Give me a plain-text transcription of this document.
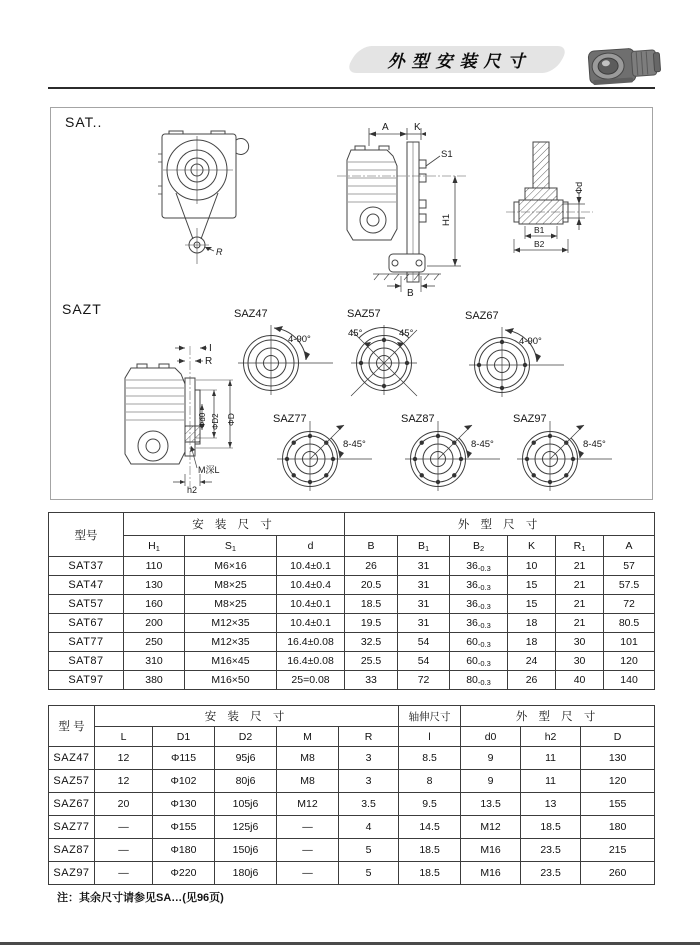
外型安装尺寸
SAT..
SAZT
R
A	K
S1
H1
B
Φd
B1
B2
I
R
Φd0 ΦD2 ΦD
M深L
h2
SAZ47
4-90°
SAZ57
45°	45°
SAZ67
4-90°
SAZ77
8-45°
SAZ87
8-45°
SAZ97
8-45°
型号	安 装 尺 寸			外 型 尺 寸					
	H1	S1	d	B	B1	B2	K	R1	A
SAT37	110	M6×16	10.4±0.1	26	31	36-0.3	10	21	57
SAT47	130	M8×25	10.4±0.4	20.5	31	36-0.3	15	21	57.5
SAT57	160	M8×25	10.4±0.1	18.5	31	36-0.3	15	21	72
SAT67	200	M12×35	10.4±0.1	19.5	31	36-0.3	18	21	80.5
SAT77	250	M12×35	16.4±0.08	32.5	54	60-0.3	18	30	101
SAT87	310	M16×45	16.4±0.08	25.5	54	60-0.3	24	30	120
SAT97	380	M16×50	25=0.08	33	72	80-0.3	26	40	140
型 号	安 装 尺 寸					轴伸尺寸	外 型 尺 寸		
	L	D1	D2	M	R	l	d0	h2	D
SAZ47	12	Φ115	95j6	M8	3	8.5	9	11	130
SAZ57	12	Φ102	80j6	M8	3	8	9	11	120
SAZ67	20	Φ130	105j6	M12	3.5	9.5	13.5	13	155
SAZ77	—	Φ155	125j6	—	4	14.5	M12	18.5	180
SAZ87	—	Φ180	150j6	—	5	18.5	M16	23.5	215
SAZ97	—	Φ220	180j6	—	5	18.5	M16	23.5	260
注：其余尺寸请参见SA…(见96页)
